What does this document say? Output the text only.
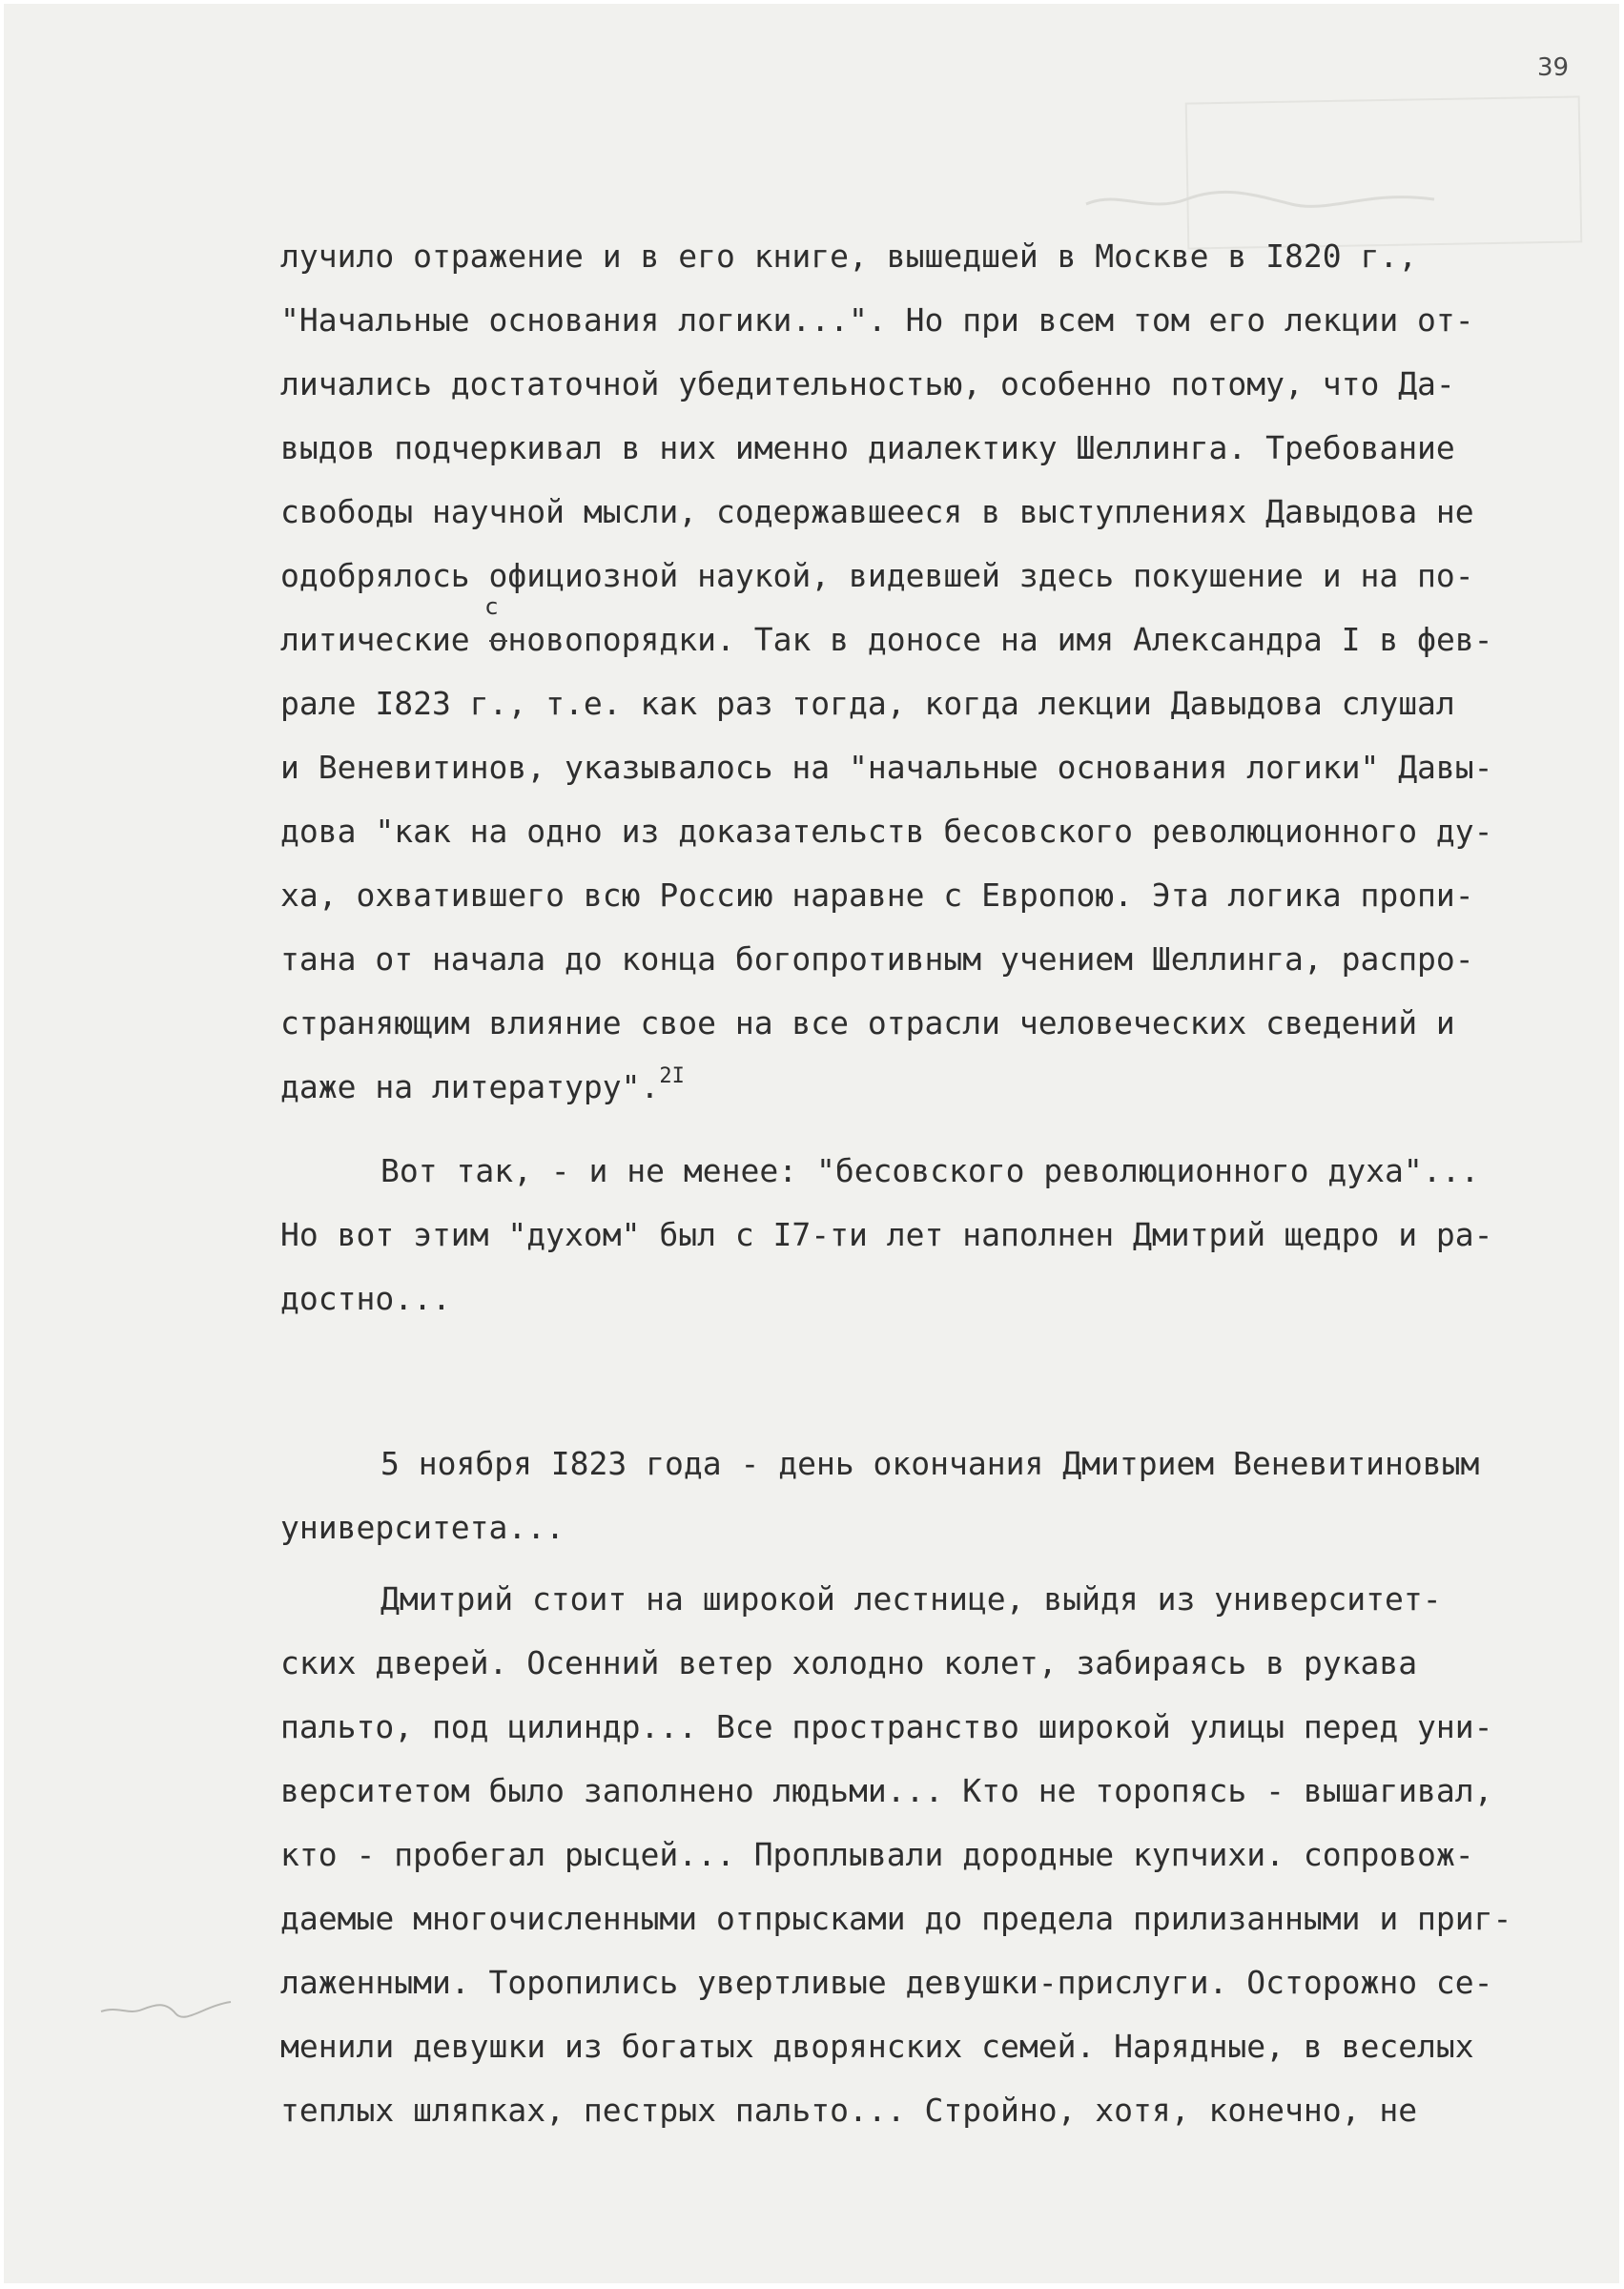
39
лучило отражение и в его книге, вышедшей в Москве в I820 г.,
"Начальные основания логики...". Но при всем том его лекции от-
личались достаточной убедительностью, особенно потому, что Да-
выдов подчеркивал в них именно диалектику Шеллинга. Требование
свободы научной мысли, содержавшееся в выступлениях Давыдова не
одобрялось официозной наукой, видевшей здесь покушение и на по-
литические оновопорядки. Так в доносе на имя Александра I в фев-
с
рале I823 г., т.е. как раз тогда, когда лекции Давыдова слушал
и Веневитинов, указывалось на "начальные основания логики" Давы-
дова "как на одно из доказательств бесовского революционного ду-
ха, охватившего всю Россию наравне с Европою. Эта логика пропи-
тана от начала до конца богопротивным учением Шеллинга, распро-
страняющим влияние свое на все отрасли человеческих сведений и
даже на литературу".$^{2I}$
Вот так, - и не менее: "бесовского революционного духа"...
Но вот этим "духом" был с I7-ти лет наполнен Дмитрий щедро и ра-
достно...
5 ноября I823 года - день окончания Дмитрием Веневитиновым
университета...
Дмитрий стоит на широкой лестнице, выйдя из университет-
ских дверей. Осенний ветер холодно колет, забираясь в рукава
пальто, под цилиндр... Все пространство широкой улицы перед уни-
верситетом было заполнено людьми... Кто не торопясь - вышагивал,
кто - пробегал рысцей... Проплывали дородные купчихи. сопровож-
даемые многочисленными отпрысками до предела прилизанными и приг-
лаженными. Торопились увертливые девушки-прислуги. Осторожно се-
менили девушки из богатых дворянских семей. Нарядные, в веселых
теплых шляпках, пестрых пальто... Стройно, хотя, конечно, не
